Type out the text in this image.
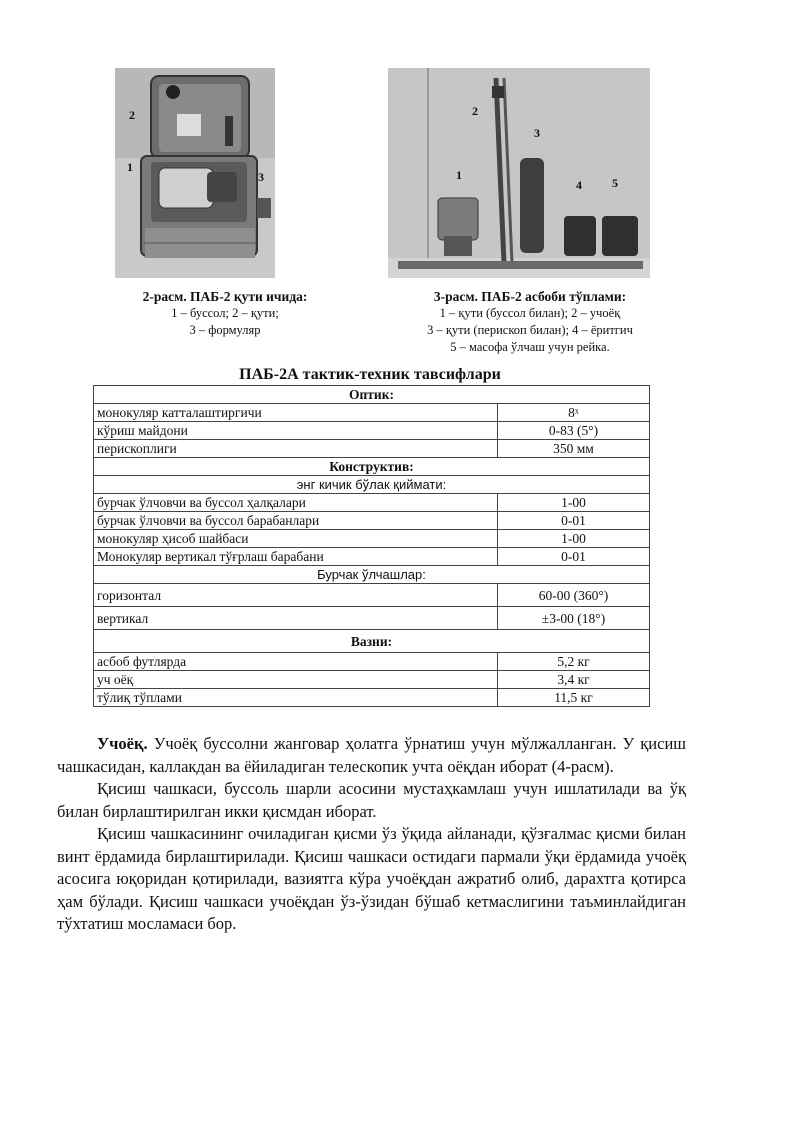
1
2
3	1
2
3
4	5
2-расм. ПАБ-2 қути ичида:
1 – буссол; 2 – қути;
3 – формуляр
3-расм. ПАБ-2 асбоби тўплами:
1 – қути (буссол билан); 2 – учоёқ
3 – қути (перископ билан); 4 – ёритгич
5 – масофа ўлчаш учун рейка.
ПАБ-2А тактик-техник тавсифлари
Оптик:	
монокуляр катталаштиргичи	8ˣ
кўриш майдони	0-83 (5°)
перископлиги	350 мм
Конструктив:	
энг кичик бўлак қиймати:	
бурчак ўлчовчи ва буссол ҳалқалари	1-00
бурчак ўлчовчи ва буссол барабанлари	0-01
монокуляр ҳисоб шайбаси	1-00
Монокуляр вертикал тўғрлаш барабани	0-01
Бурчак ўлчашлар:	
горизонтал	60-00 (360°)
вертикал	±3-00 (18°)
Вазни:	
асбоб футлярда	5,2 кг
уч оёқ	3,4 кг
тўлиқ тўплами	11,5 кг

Учоёқ. Учоёқ буссолни жанговар ҳолатга ўрнатиш учун мўлжалланган. У қисиш чашкасидан, каллакдан ва ёйиладиган телескопик учта оёқдан иборат (4-расм).

Қисиш чашкаси, буссоль шарли асосини мустаҳкамлаш учун ишлатилади ва ўқ билан бирлаштирилган икки қисмдан иборат.

Қисиш чашкасининг очиладиган қисми ўз ўқида айланади, қўзғалмас қисми билан винт ёрдамида бирлаштирилади. Қисиш чашкаси остидаги пармали ўқи ёрдамида учоёқ асосига юқоридан қотирилади, вазиятга кўра учоёқдан ажратиб олиб, дарахтга қотирса ҳам бўлади. Қисиш чашкаси учоёқдан ўз-ўзидан бўшаб кетмаслигини таъминлайдиган тўхтатиш мосламаси бор.
